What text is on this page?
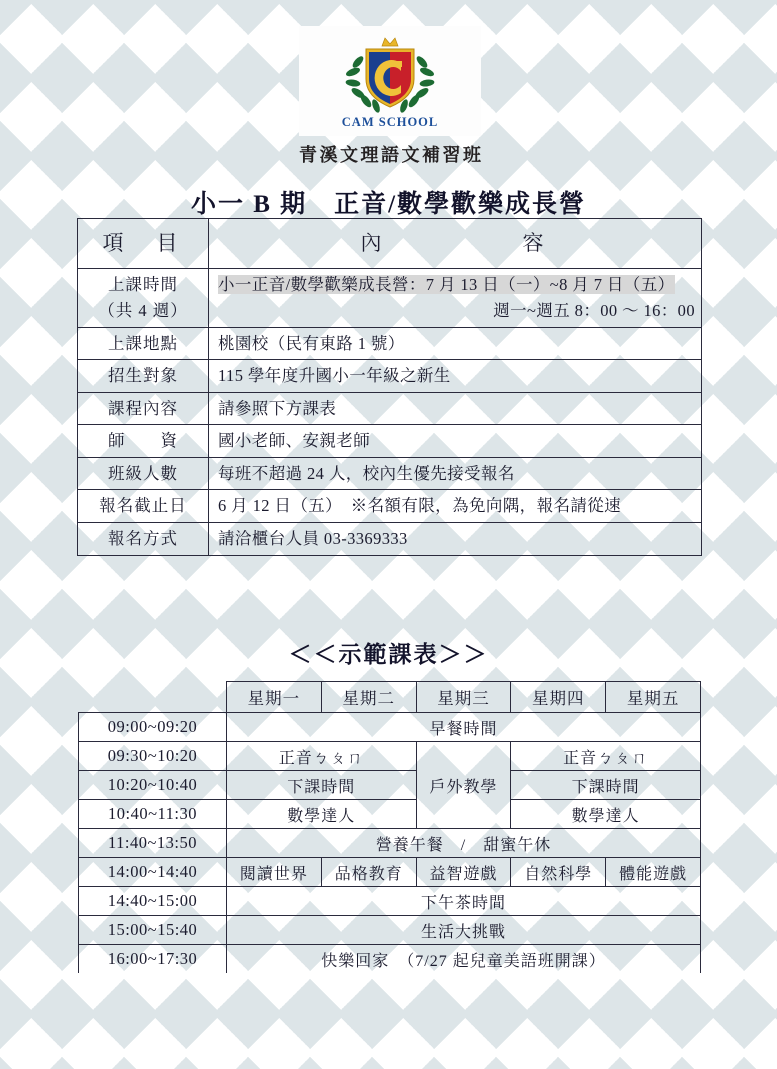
CAM SCHOOL
青溪文理語文補習班
小一 B 期　正音/數學歡樂成長營
項　目	內　　　　　容

上課時間
（共 4 週）
	小一正音/數學歡樂成長營：7 月 13 日（一）~8 月 7 日（五）
週一~週五 8：00 ～ 16：00

上課地點	桃園校（民有東路 1 號）
招生對象	115 學年度升國小一年級之新生
課程內容	請參照下方課表
師　　資	國小老師、安親老師
班級人數	每班不超過 24 人，校內生優先接受報名
報名截止日	6 月 12 日（五）　※名額有限，為免向隅，報名請從速
報名方式	請洽櫃台人員 03-3369333
＜＜示範課表＞＞
	星期一	星期二	星期三	星期四	星期五
09:00~09:20	早餐時間				
09:30~10:20	正音ㄅㄆㄇ		戶外教學	正音ㄅㄆㄇ	
10:20~10:40	下課時間			下課時間	
10:40~11:30	數學達人			數學達人	
11:40~13:50	營養午餐　/　甜蜜午休				
14:00~14:40	閱讀世界	品格教育	益智遊戲	自然科學	體能遊戲
14:40~15:00	下午茶時間				
15:00~15:40	生活大挑戰				
16:00~17:30	快樂回家　（7/27 起兒童美語班開課）				
